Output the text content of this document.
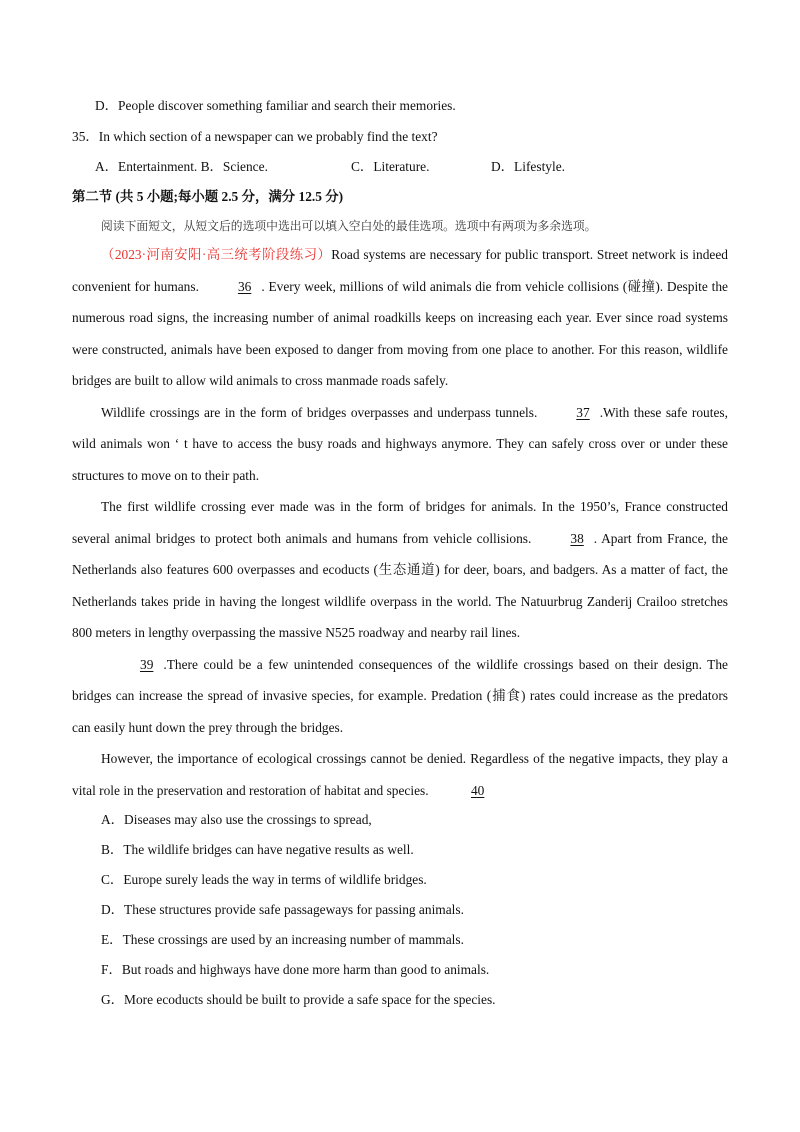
D．People discover something familiar and search their memories.
35．In which section of a newspaper can we probably find the text?
A．Entertainment. B．Science.	C．Literature.	D．Lifestyle.
第二节 (共 5 小题;每小题 2.5 分，满分 12.5 分)
阅读下面短文，从短文后的选项中选出可以填入空白处的最佳选项。选项中有两项为多余选项。

（2023·河南安阳·高三统考阶段练习）Road systems are necessary for public transport. Street network is indeed convenient for humans.	36 . Every week, millions of wild animals die from vehicle collisions (碰撞). Despite the numerous road signs, the increasing number of animal roadkills keeps on increasing each year. Ever since road systems were constructed, animals have been exposed to danger from moving from one place to another. For this reason, wildlife bridges are built to allow wild animals to cross manmade roads safely.

Wildlife crossings are in the form of bridges overpasses and underpass tunnels.	37 .With these safe routes, wild animals won ‘ t have to access the busy roads and highways anymore. They can safely cross over or under these structures to move on to their path.

The first wildlife crossing ever made was in the form of bridges for animals. In the 1950’s, France constructed several animal bridges to protect both animals and humans from vehicle collisions.	38 . Apart from France, the Netherlands also features 600 overpasses and ecoducts (生态通道) for deer, boars, and badgers. As a matter of fact, the Netherlands takes pride in having the longest wildlife overpass in the world. The Natuurbrug Zanderij Crailoo stretches 800 meters in lengthy overpassing the massive N525 roadway and nearby rail lines.

39 .There could be a few unintended consequences of the wildlife crossings based on their design. The bridges can increase the spread of invasive species, for example. Predation (捕食) rates could increase as the predators can easily hunt down the prey through the bridges.

However, the importance of ecological crossings cannot be denied. Regardless of the negative impacts, they play a vital role in the preservation and restoration of habitat and species.	40

A．Diseases may also use the crossings to spread,
B．The wildlife bridges can have negative results as well.
C．Europe surely leads the way in terms of wildlife bridges.
D．These structures provide safe passageways for passing animals.
E．These crossings are used by an increasing number of mammals.
F．But roads and highways have done more harm than good to animals.
G．More ecoducts should be built to provide a safe space for the species.
